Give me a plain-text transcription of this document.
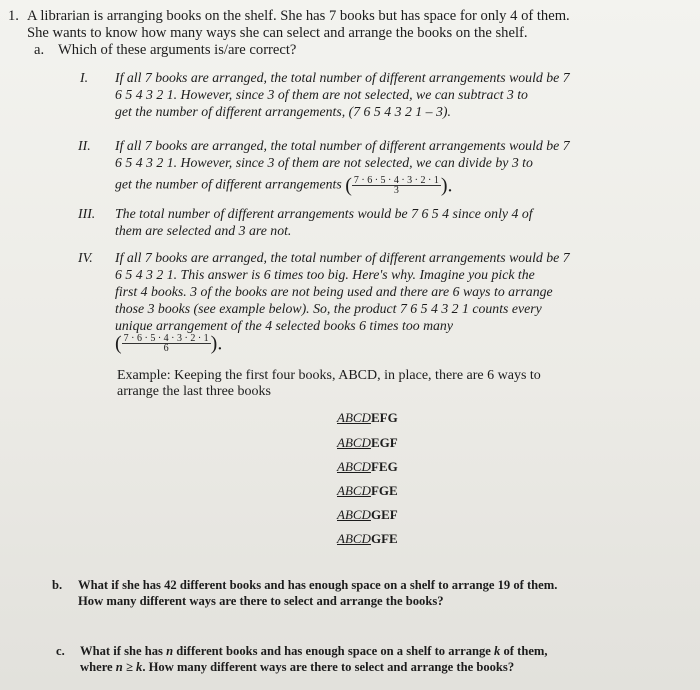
1. A librarian is arranging books on the shelf. She has 7 books but has space for only 4 of them.
She wants to know how many ways she can select and arrange the books on the shelf.
a. Which of these arguments is/are correct?
I. If all 7 books are arranged, the total number of different arrangements would be 7
6 5 4 3 2 1. However, since 3 of them are not selected, we can subtract 3 to
get the number of different arrangements, (7 6 5 4 3 2 1 – 3).
II. If all 7 books are arranged, the total number of different arrangements would be 7
6 5 4 3 2 1. However, since 3 of them are not selected, we can divide by 3 to
get the number of different arrangements ( $\frac{7 \cdot 6 \cdot 5 \cdot 4 \cdot 3 \cdot 2 \cdot 1}{3}$ ).
III. The total number of different arrangements would be 7 6 5 4 since only 4 of
them are selected and 3 are not.
IV. If all 7 books are arranged, the total number of different arrangements would be 7
6 5 4 3 2 1. This answer is 6 times too big. Here's why. Imagine you pick the
first 4 books. 3 of the books are not being used and there are 6 ways to arrange
those 3 books (see example below). So, the product 7 6 5 4 3 2 1 counts every
unique arrangement of the 4 selected books 6 times too many
( $\frac{7 \cdot 6 \cdot 5 \cdot 4 \cdot 3 \cdot 2 \cdot 1}{6}$ ).
Example: Keeping the first four books, ABCD, in place, there are 6 ways to
arrange the last three books
ABCDEFG
ABCDEGF
ABCDFEG
ABCDFGE
ABCDGEF
ABCDGFE
b. What if she has 42 different books and has enough space on a shelf to arrange 19 of them.
How many different ways are there to select and arrange the books?
c. What if she has n different books and has enough space on a shelf to arrange k of them,
where n ≥ k. How many different ways are there to select and arrange the books?
